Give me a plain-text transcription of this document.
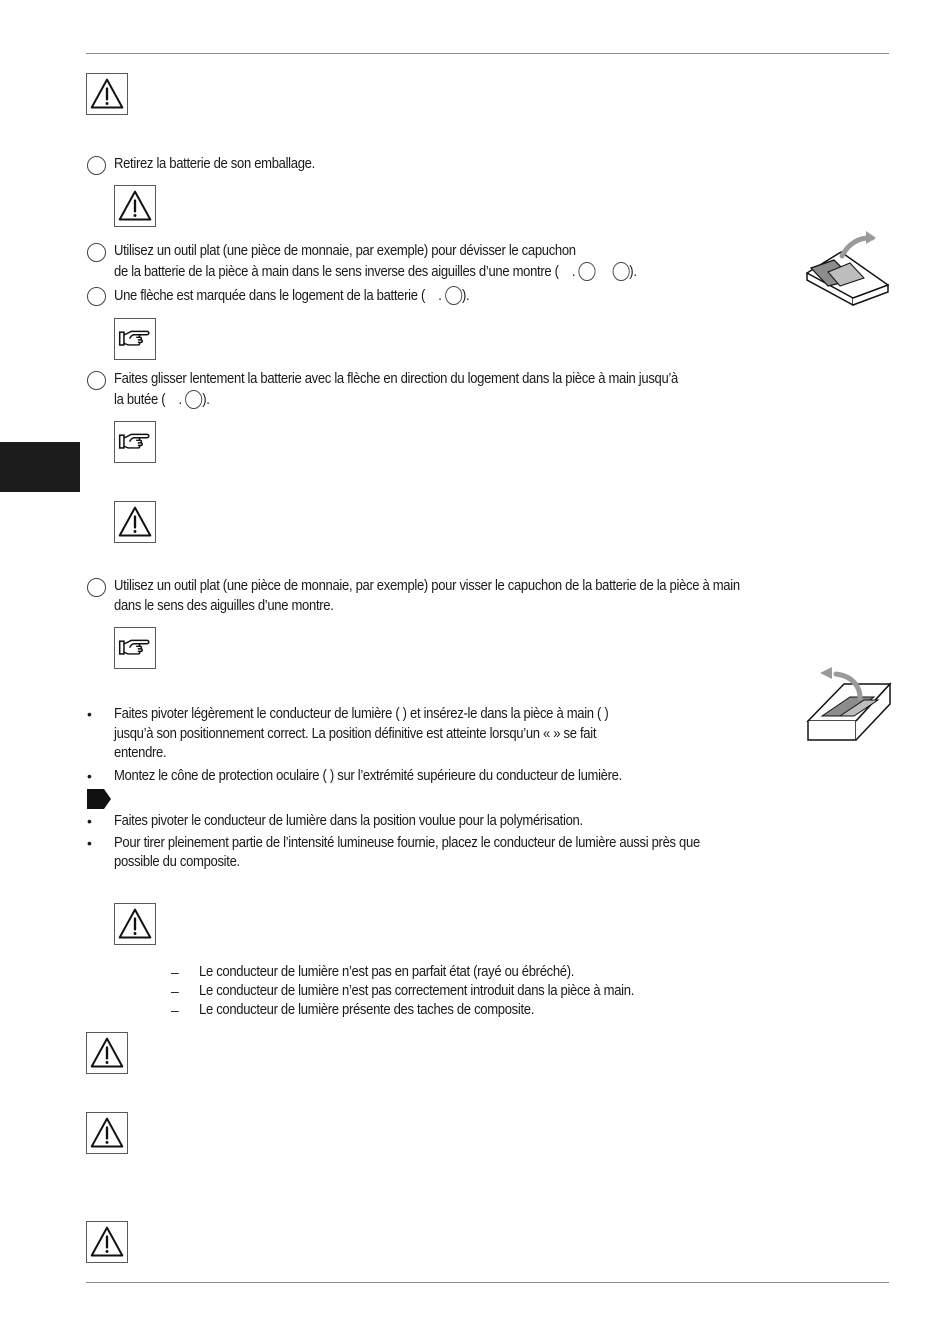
Retirez la batterie de son emballage.
Utilisez un outil plat (une pièce de monnaie, par exemple) pour dévisser le capuchon
de la batterie de la pièce à main dans le sens inverse des aiguilles d’une montre ( .	).
Une flèche est marquée dans le logement de la batterie ( . ).
Faites glisser lentement la batterie avec la flèche en direction du logement dans la pièce à main jusqu’à
la butée ( . ).
Utilisez un outil plat (une pièce de monnaie, par exemple) pour visser le capuchon de la batterie de la pièce à main
dans le sens des aiguilles d’une montre.
• Faites pivoter légèrement le conducteur de lumière ( ) et insérez-le dans la pièce à main ( )
jusqu’à son positionnement correct. La position définitive est atteinte lorsqu’un « » se fait
entendre.
• Montez le cône de protection oculaire ( ) sur l’extrémité supérieure du conducteur de lumière.
• Faites pivoter le conducteur de lumière dans la position voulue pour la polymérisation.
• Pour tirer pleinement partie de l’intensité lumineuse fournie, placez le conducteur de lumière aussi près que
possible du composite.
– Le conducteur de lumière n’est pas en parfait état (rayé ou ébréché).
– Le conducteur de lumière n’est pas correctement introduit dans la pièce à main.
– Le conducteur de lumière présente des taches de composite.
